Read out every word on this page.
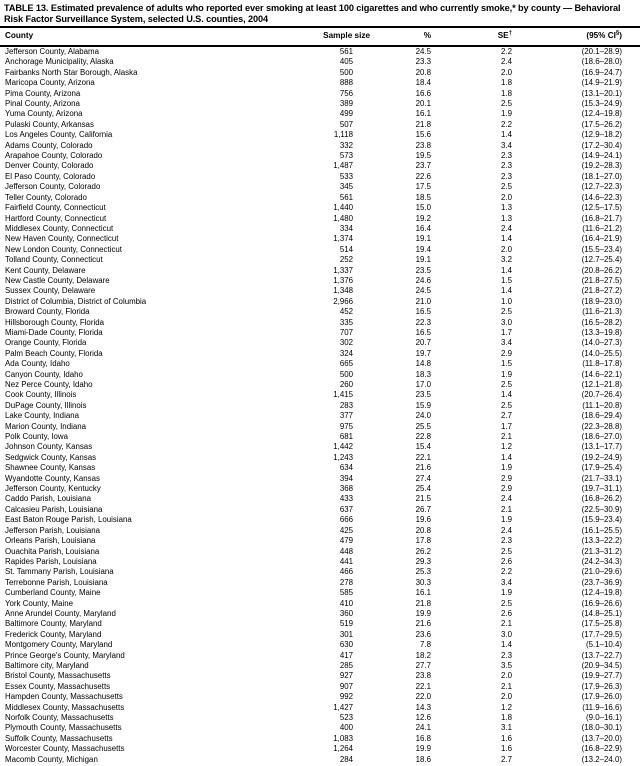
TABLE 13. Estimated prevalence of adults who reported ever smoking at least 100 cigarettes and who currently smoke,* by county — Behavioral Risk Factor Surveillance System, selected U.S. counties, 2004
County	Sample size	%	SE†	(95% CI§)
Jefferson County, Alabama	561	24.5	2.2	(20.1–28.9)
Anchorage Municipality, Alaska	405	23.3	2.4	(18.6–28.0)
Fairbanks North Star Borough, Alaska	500	20.8	2.0	(16.9–24.7)
Maricopa County, Arizona	888	18.4	1.8	(14.9–21.9)
Pima County, Arizona	756	16.6	1.8	(13.1–20.1)
Pinal County, Arizona	389	20.1	2.5	(15.3–24.9)
Yuma County, Arizona	499	16.1	1.9	(12.4–19.8)
Pulaski County, Arkansas	507	21.8	2.2	(17.5–26.2)
Los Angeles County, California	1,118	15.6	1.4	(12.9–18.2)
Adams County, Colorado	332	23.8	3.4	(17.2–30.4)
Arapahoe County, Colorado	573	19.5	2.3	(14.9–24.1)
Denver County, Colorado	1,487	23.7	2.3	(19.2–28.3)
El Paso County, Colorado	533	22.6	2.3	(18.1–27.0)
Jefferson County, Colorado	345	17.5	2.5	(12.7–22.3)
Teller County, Colorado	561	18.5	2.0	(14.6–22.3)
Fairfield County, Connecticut	1,440	15.0	1.3	(12.5–17.5)
Hartford County, Connecticut	1,480	19.2	1.3	(16.8–21.7)
Middlesex County, Connecticut	334	16.4	2.4	(11.6–21.2)
New Haven County, Connecticut	1,374	19.1	1.4	(16.4–21.9)
New London County, Connecticut	514	19.4	2.0	(15.5–23.4)
Tolland County, Connecticut	252	19.1	3.2	(12.7–25.4)
Kent County, Delaware	1,337	23.5	1.4	(20.8–26.2)
New Castle County, Delaware	1,376	24.6	1.5	(21.8–27.5)
Sussex County, Delaware	1,348	24.5	1.4	(21.8–27.2)
District of Columbia, District of Columbia	2,966	21.0	1.0	(18.9–23.0)
Broward County, Florida	452	16.5	2.5	(11.6–21.3)
Hillsborough County, Florida	335	22.3	3.0	(16.5–28.2)
Miami-Dade County, Florida	707	16.5	1.7	(13.3–19.8)
Orange County, Florida	302	20.7	3.4	(14.0–27.3)
Palm Beach County, Florida	324	19.7	2.9	(14.0–25.5)
Ada County, Idaho	665	14.8	1.5	(11.8–17.8)
Canyon County, Idaho	500	18.3	1.9	(14.6–22.1)
Nez Perce County, Idaho	260	17.0	2.5	(12.1–21.8)
Cook County, Illinois	1,415	23.5	1.4	(20.7–26.4)
DuPage County, Illinois	283	15.9	2.5	(11.1–20.8)
Lake County, Indiana	377	24.0	2.7	(18.6–29.4)
Marion County, Indiana	975	25.5	1.7	(22.3–28.8)
Polk County, Iowa	681	22.8	2.1	(18.6–27.0)
Johnson County, Kansas	1,442	15.4	1.2	(13.1–17.7)
Sedgwick County, Kansas	1,243	22.1	1.4	(19.2–24.9)
Shawnee County, Kansas	634	21.6	1.9	(17.9–25.4)
Wyandotte County, Kansas	394	27.4	2.9	(21.7–33.1)
Jefferson County, Kentucky	368	25.4	2.9	(19.7–31.1)
Caddo Parish, Louisiana	433	21.5	2.4	(16.8–26.2)
Calcasieu Parish, Louisiana	637	26.7	2.1	(22.5–30.9)
East Baton Rouge Parish, Louisiana	666	19.6	1.9	(15.9–23.4)
Jefferson Parish, Louisiana	425	20.8	2.4	(16.1–25.5)
Orleans Parish, Louisiana	479	17.8	2.3	(13.3–22.2)
Ouachita Parish, Louisiana	448	26.2	2.5	(21.3–31.2)
Rapides Parish, Louisiana	441	29.3	2.6	(24.2–34.3)
St. Tammany Parish, Louisiana	466	25.3	2.2	(21.0–29.6)
Terrebonne Parish, Louisiana	278	30.3	3.4	(23.7–36.9)
Cumberland County, Maine	585	16.1	1.9	(12.4–19.8)
York County, Maine	410	21.8	2.5	(16.9–26.6)
Anne Arundel County, Maryland	360	19.9	2.6	(14.8–25.1)
Baltimore County, Maryland	519	21.6	2.1	(17.5–25.8)
Frederick County, Maryland	301	23.6	3.0	(17.7–29.5)
Montgomery County, Maryland	630	7.8	1.4	(5.1–10.4)
Prince George's County, Maryland	417	18.2	2.3	(13.7–22.7)
Baltimore city, Maryland	285	27.7	3.5	(20.9–34.5)
Bristol County, Massachusetts	927	23.8	2.0	(19.9–27.7)
Essex County, Massachusetts	907	22.1	2.1	(17.9–26.3)
Hampden County, Massachusetts	992	22.0	2.0	(17.9–26.0)
Middlesex County, Massachusetts	1,427	14.3	1.2	(11.9–16.6)
Norfolk County, Massachusetts	523	12.6	1.8	(9.0–16.1)
Plymouth County, Massachusetts	400	24.1	3.1	(18.0–30.1)
Suffolk County, Massachusetts	1,083	16.8	1.6	(13.7–20.0)
Worcester County, Massachusetts	1,264	19.9	1.6	(16.8–22.9)
Macomb County, Michigan	284	18.6	2.7	(13.2–24.0)
